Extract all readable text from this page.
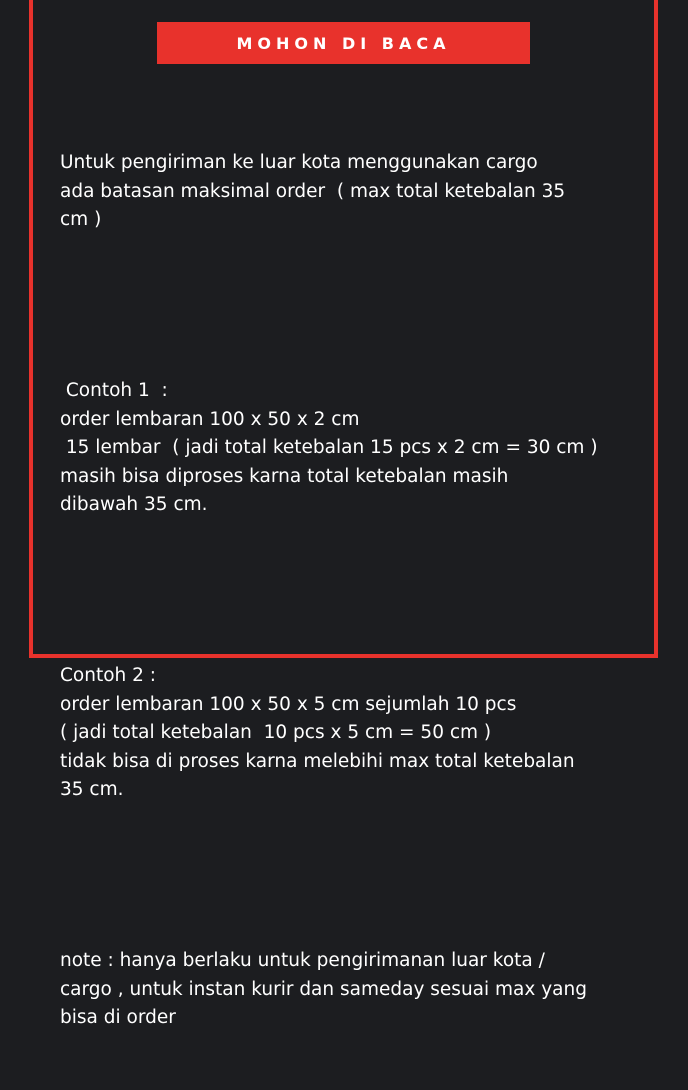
MOHON DI BACA

Untuk pengiriman ke luar kota menggunakan cargo
ada batasan maksimal order  ( max total ketebalan 35
cm )

Contoh 1  :
order lembaran 100 x 50 x 2 cm
15 lembar  ( jadi total ketebalan 15 pcs x 2 cm = 30 cm )
masih bisa diproses karna total ketebalan masih
dibawah 35 cm.

Contoh 2 :
order lembaran 100 x 50 x 5 cm sejumlah 10 pcs
( jadi total ketebalan  10 pcs x 5 cm = 50 cm )
tidak bisa di proses karna melebihi max total ketebalan
35 cm.

note : hanya berlaku untuk pengirimanan luar kota /
cargo , untuk instan kurir dan sameday sesuai max yang
bisa di order
